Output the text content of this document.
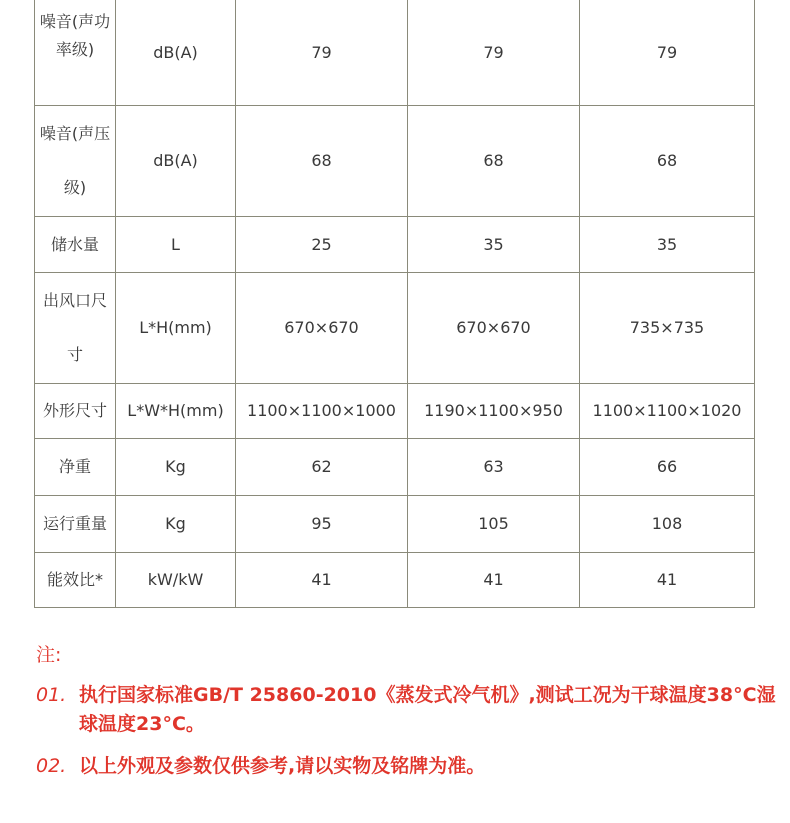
噪音(声功率级)	dB(A)	79	79	79
噪音(声压级)	dB(A)	68	68	68
储水量	L	25	35	35
出风口尺寸	L*H(mm)	670×670	670×670	735×735
外形尺寸	L*W*H(mm)	1100×1100×1000	1190×1100×950	1100×1100×1020
净重	Kg	62	63	66
运行重量	Kg	95	105	108
能效比*	kW/kW	41	41	41
注:
01. 执行国家标准GB/T 25860-2010《蒸发式冷气机》,测试工况为干球温度38°C湿球温度23°C。
02. 以上外观及参数仅供参考,请以实物及铭牌为准。
